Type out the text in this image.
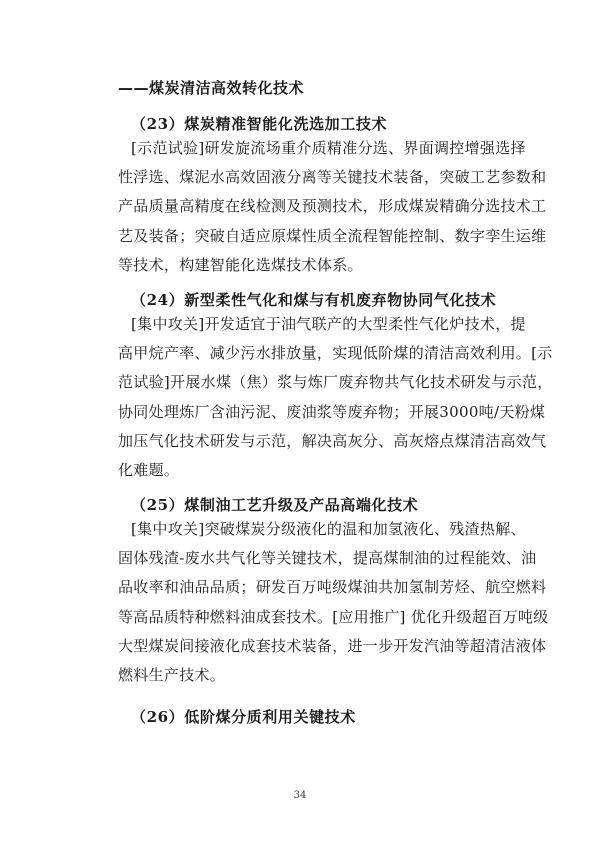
——煤炭清洁高效转化技术
（23）煤炭精准智能化洗选加工技术
[示范试验]研发旋流场重介质精准分选、界面调控增强选择
性浮选、煤泥水高效固液分离等关键技术装备，突破工艺参数和
产品质量高精度在线检测及预测技术，形成煤炭精确分选技术工
艺及装备；突破自适应原煤性质全流程智能控制、数字孪生运维
等技术，构建智能化选煤技术体系。
（24）新型柔性气化和煤与有机废弃物协同气化技术
[集中攻关]开发适宜于油气联产的大型柔性气化炉技术，提
高甲烷产率、减少污水排放量，实现低阶煤的清洁高效利用。[示
范试验]开展水煤（焦）浆与炼厂废弃物共气化技术研发与示范，
协同处理炼厂含油污泥、废油浆等废弃物；开展3000吨/天粉煤
加压气化技术研发与示范，解决高灰分、高灰熔点煤清洁高效气
化难题。
（25）煤制油工艺升级及产品高端化技术
[集中攻关]突破煤炭分级液化的温和加氢液化、残渣热解、
固体残渣-废水共气化等关键技术，提高煤制油的过程能效、油
品收率和油品品质；研发百万吨级煤油共加氢制芳烃、航空燃料
等高品质特种燃料油成套技术。[应用推广] 优化升级超百万吨级
大型煤炭间接液化成套技术装备，进一步开发汽油等超清洁液体
燃料生产技术。
（26）低阶煤分质利用关键技术
34
